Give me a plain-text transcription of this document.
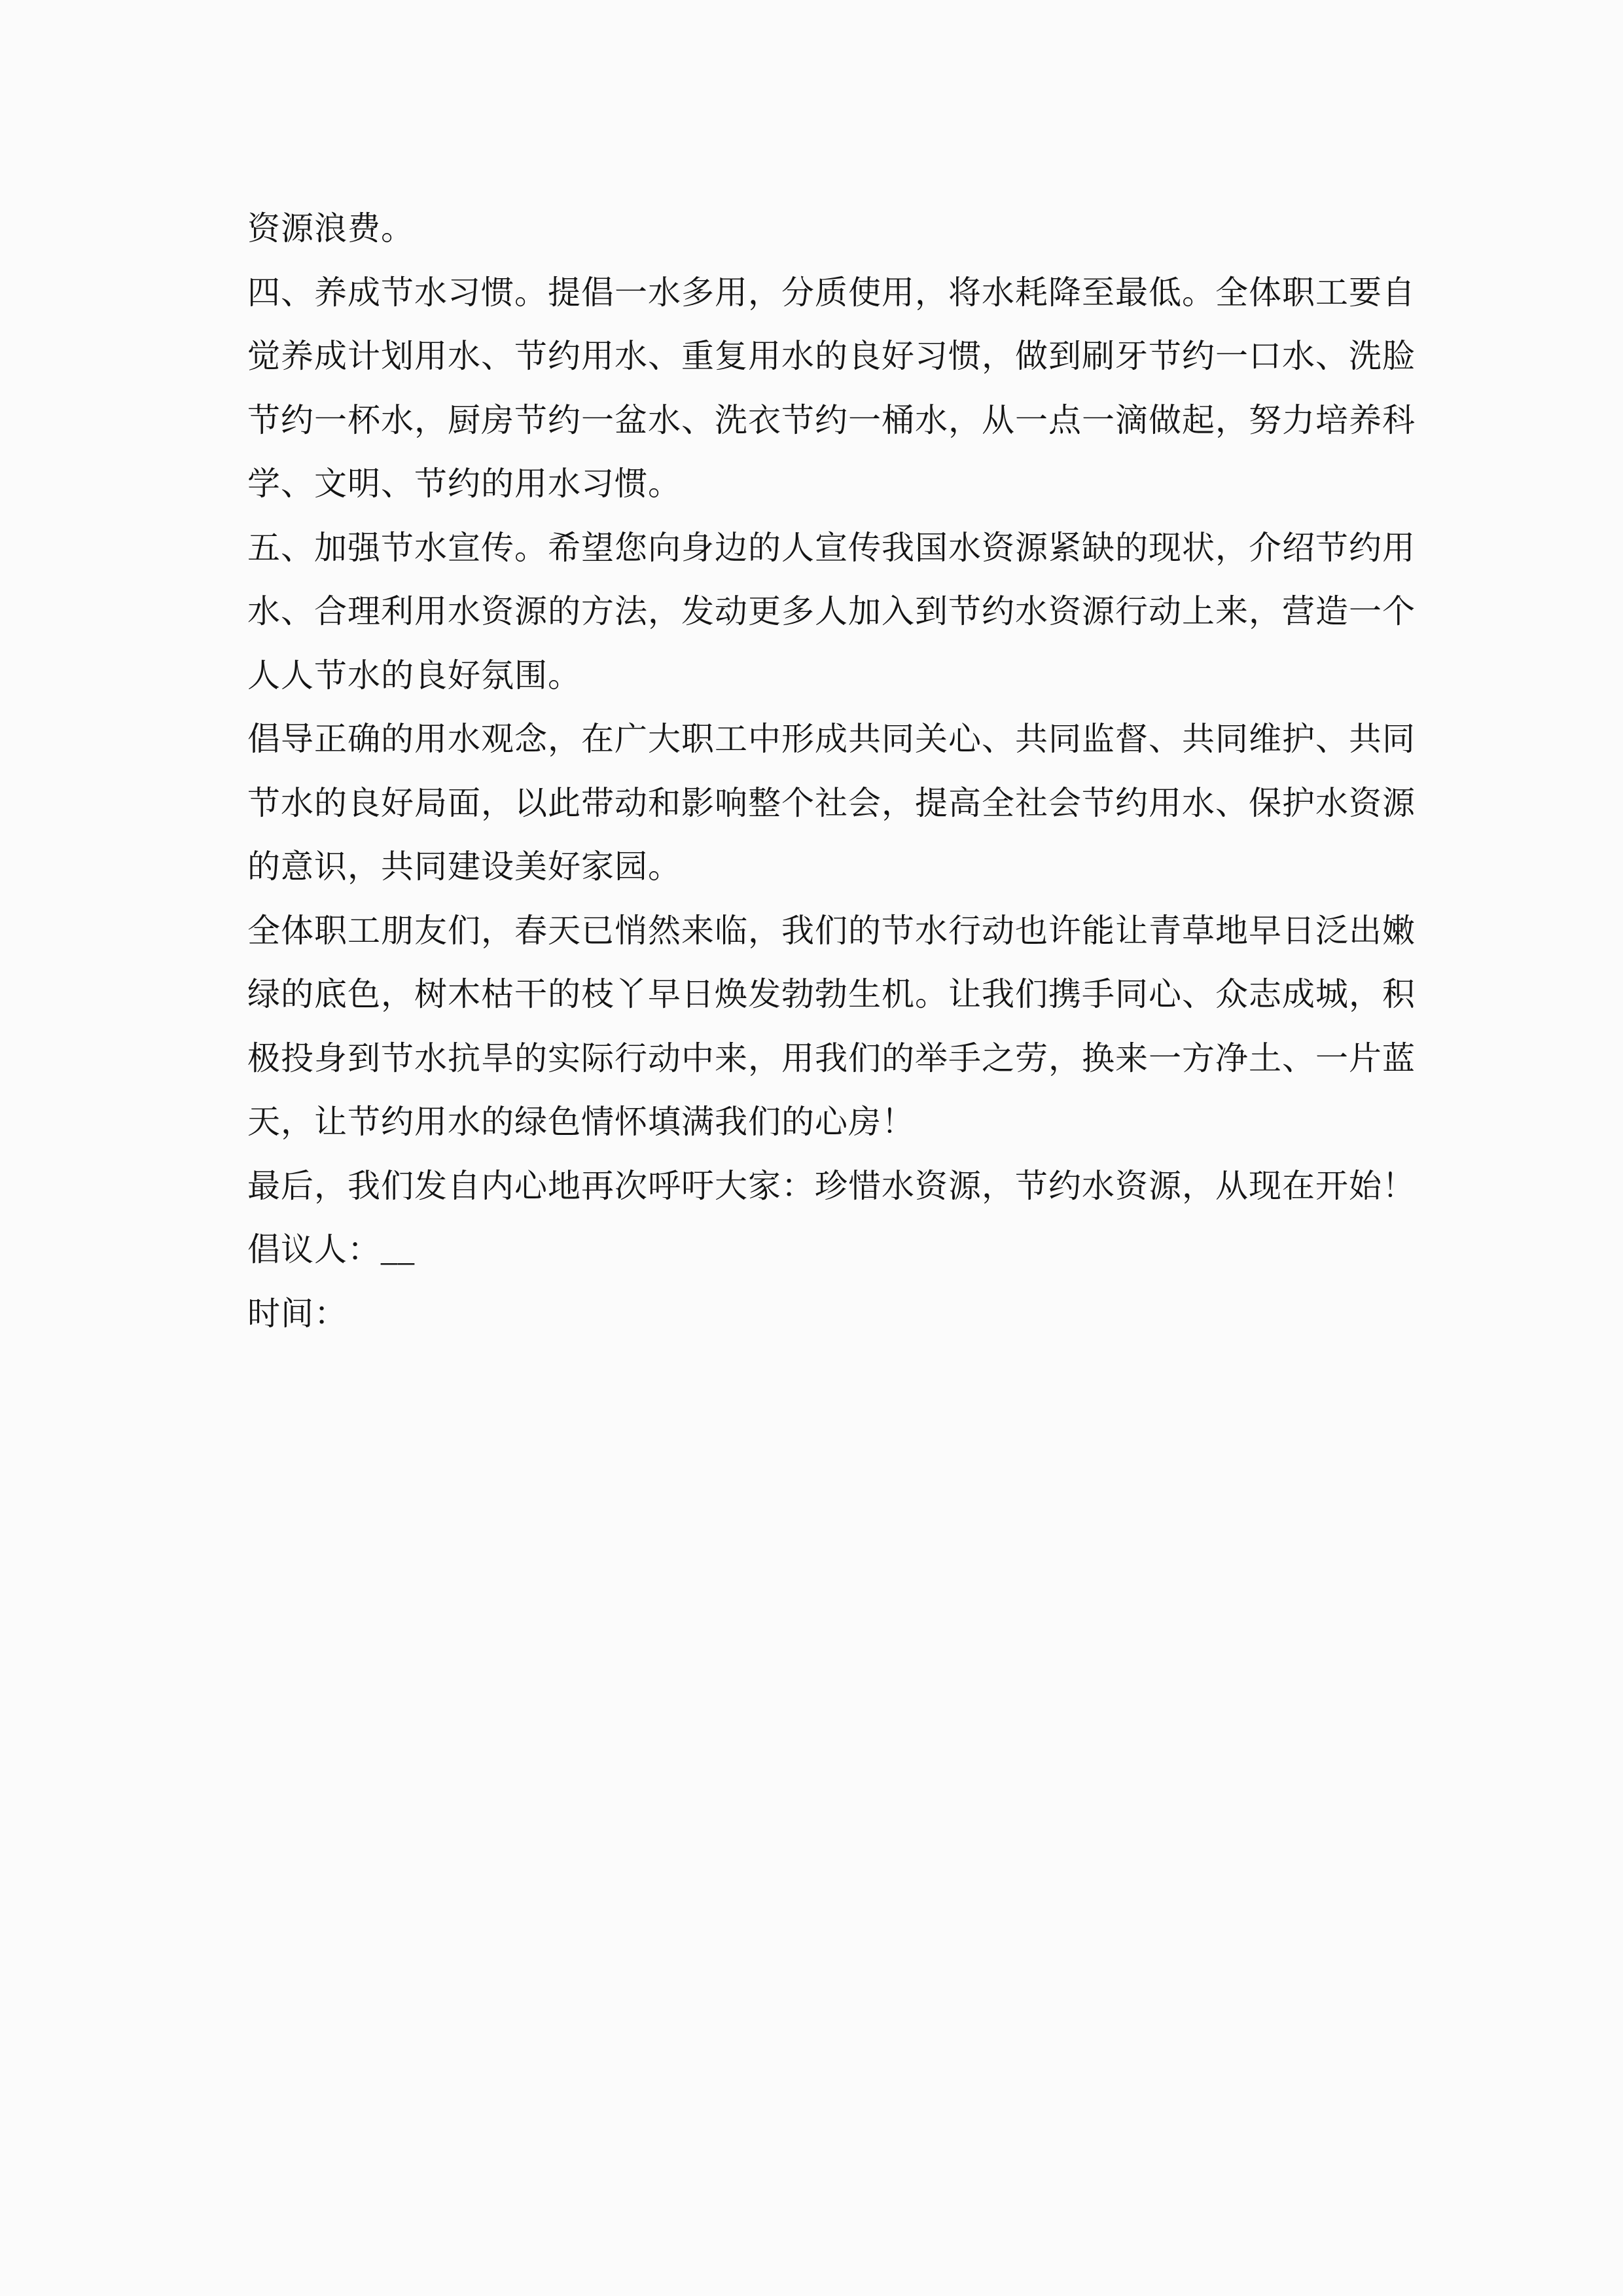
资源浪费。

四、养成节水习惯。提倡一水多用，分质使用，将水耗降至最低。全体职工要自

觉养成计划用水、节约用水、重复用水的良好习惯，做到刷牙节约一口水、洗脸

节约一杯水，厨房节约一盆水、洗衣节约一桶水，从一点一滴做起，努力培养科

学、文明、节约的用水习惯。

五、加强节水宣传。希望您向身边的人宣传我国水资源紧缺的现状，介绍节约用

水、合理利用水资源的方法，发动更多人加入到节约水资源行动上来，营造一个

人人节水的良好氛围。

倡导正确的用水观念，在广大职工中形成共同关心、共同监督、共同维护、共同

节水的良好局面，以此带动和影响整个社会，提高全社会节约用水、保护水资源

的意识，共同建设美好家园。

全体职工朋友们，春天已悄然来临，我们的节水行动也许能让青草地早日泛出嫩

绿的底色，树木枯干的枝丫早日焕发勃勃生机。让我们携手同心、众志成城，积

极投身到节水抗旱的实际行动中来，用我们的举手之劳，换来一方净土、一片蓝

天，让节约用水的绿色情怀填满我们的心房！

最后，我们发自内心地再次呼吁大家：珍惜水资源，节约水资源，从现在开始！

倡议人：__

时间：
